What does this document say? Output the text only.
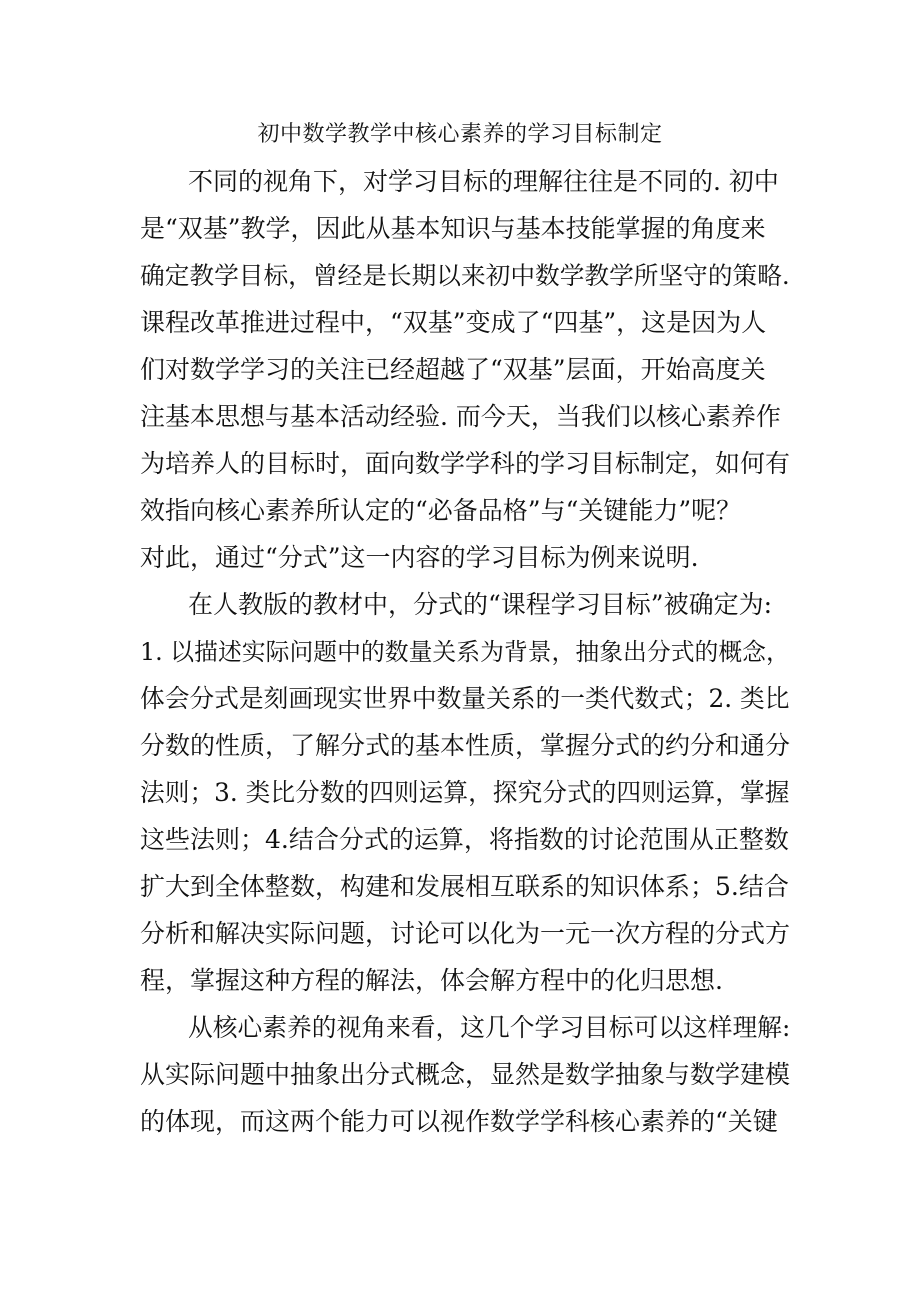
初中数学教学中核心素养的学习目标制定
不同的视角下，对学习目标的理解往往是不同的. 初中
是“双基”教学，因此从基本知识与基本技能掌握的角度来
确定教学目标，曾经是长期以来初中数学教学所坚守的策略.
课程改革推进过程中，“双基”变成了“四基”，这是因为人
们对数学学习的关注已经超越了“双基”层面，开始高度关
注基本思想与基本活动经验. 而今天，当我们以核心素养作
为培养人的目标时，面向数学学科的学习目标制定，如何有
效指向核心素养所认定的“必备品格”与“关键能力”呢？
对此，通过“分式”这一内容的学习目标为例来说明.
在人教版的教材中，分式的“课程学习目标”被确定为:
1. 以描述实际问题中的数量关系为背景，抽象出分式的概念，
体会分式是刻画现实世界中数量关系的一类代数式；2. 类比
分数的性质，了解分式的基本性质，掌握分式的约分和通分
法则；3. 类比分数的四则运算，探究分式的四则运算，掌握
这些法则；4.结合分式的运算，将指数的讨论范围从正整数
扩大到全体整数，构建和发展相互联系的知识体系；5.结合
分析和解决实际问题，讨论可以化为一元一次方程的分式方
程，掌握这种方程的解法，体会解方程中的化归思想.
从核心素养的视角来看，这几个学习目标可以这样理解:
从实际问题中抽象出分式概念，显然是数学抽象与数学建模
的体现，而这两个能力可以视作数学学科核心素养的“关键
